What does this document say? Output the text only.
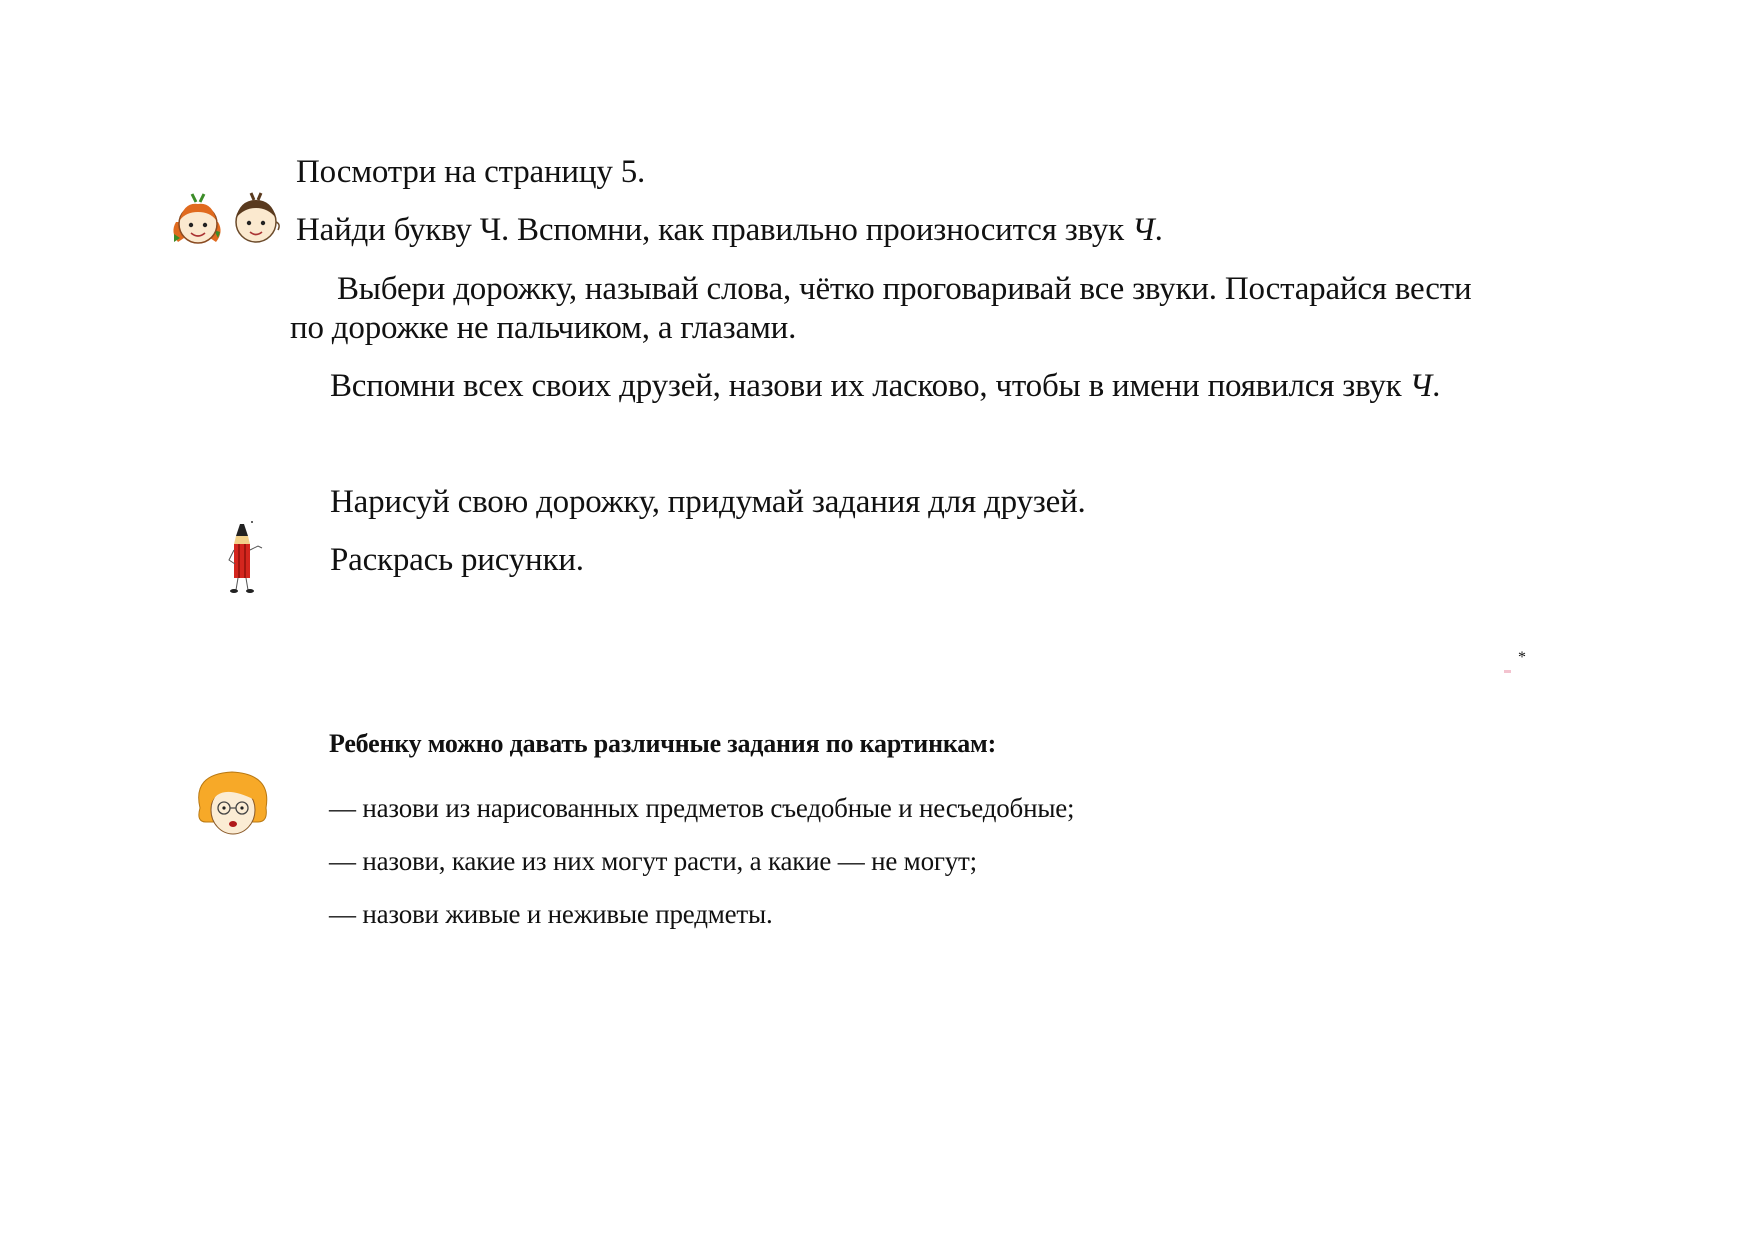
Посмотри на страницу 5.
Найди букву Ч. Вспомни, как правильно произносится звук Ч.
Выбери дорожку, называй слова, чётко проговаривай все звуки. Постарайся вести
по дорожке не пальчиком, а глазами.
Вспомни всех своих друзей, назови их ласково, чтобы в имени появился звук Ч.
Нарисуй свою дорожку, придумай задания для друзей.
Раскрась рисунки.
*
Ребенку можно давать различные задания по картинкам:
— назови из нарисованных предметов съедобные и несъедобные;
— назови, какие из них могут расти, а какие — не могут;
— назови живые и неживые предметы.
